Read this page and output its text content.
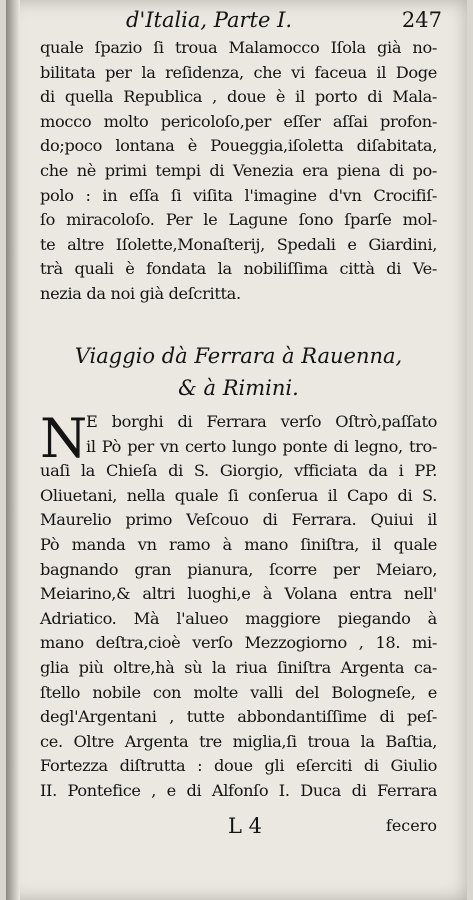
d'Italia, Parte I.	247
quale ſpazio ſi troua Malamocco Iſola già no-
bilitata per la reſidenza, che vi faceua il Doge
di quella Republica , doue è il porto di Mala-
mocco molto pericoloſo,per eſſer aſſai profon-
do;poco lontana è Poueggia,iſoletta diſabitata,
che nè primi tempi di Venezia era piena di po-
polo : in eſſa ſi viſita l'imagine d'vn Crocifiſ-
ſo miracoloſo. Per le Lagune ſono ſparſe mol-
te altre Iſolette,Monaſterij, Spedali e Giardini,
trà quali è fondata la nobiliſſima città di Ve-
nezia da noi già deſcritta.
Viaggio dà Ferrara à Rauenna,
& à Rimini.
N
E borghi di Ferrara verſo Oſtrò,paſſato
il Pò per vn certo lungo ponte di legno, tro-
uaſi la Chieſa di S. Giorgio, vfficiata da i PP.
Oliuetani, nella quale ſi conſerua il Capo di S.
Maurelio primo Veſcouo di Ferrara. Quiui il
Pò manda vn ramo à mano ſiniſtra, il quale
bagnando gran pianura, ſcorre per Meiaro,
Meiarino,& altri luoghi,e à Volana entra nell'
Adriatico. Mà l'alueo maggiore piegando à
mano deſtra,cioè verſo Mezzogiorno , 18. mi-
glia più oltre,hà sù la riua ſiniſtra Argenta ca-
ſtello nobile con molte valli del Bologneſe, e
degl'Argentani , tutte abbondantiſſime di peſ-
ce. Oltre Argenta tre miglia,ſi troua la Baſtia,
Fortezza diſtrutta : doue gli eſerciti di Giulio
II. Pontefice , e di Alfonſo I. Duca di Ferrara
L 4	fecero
